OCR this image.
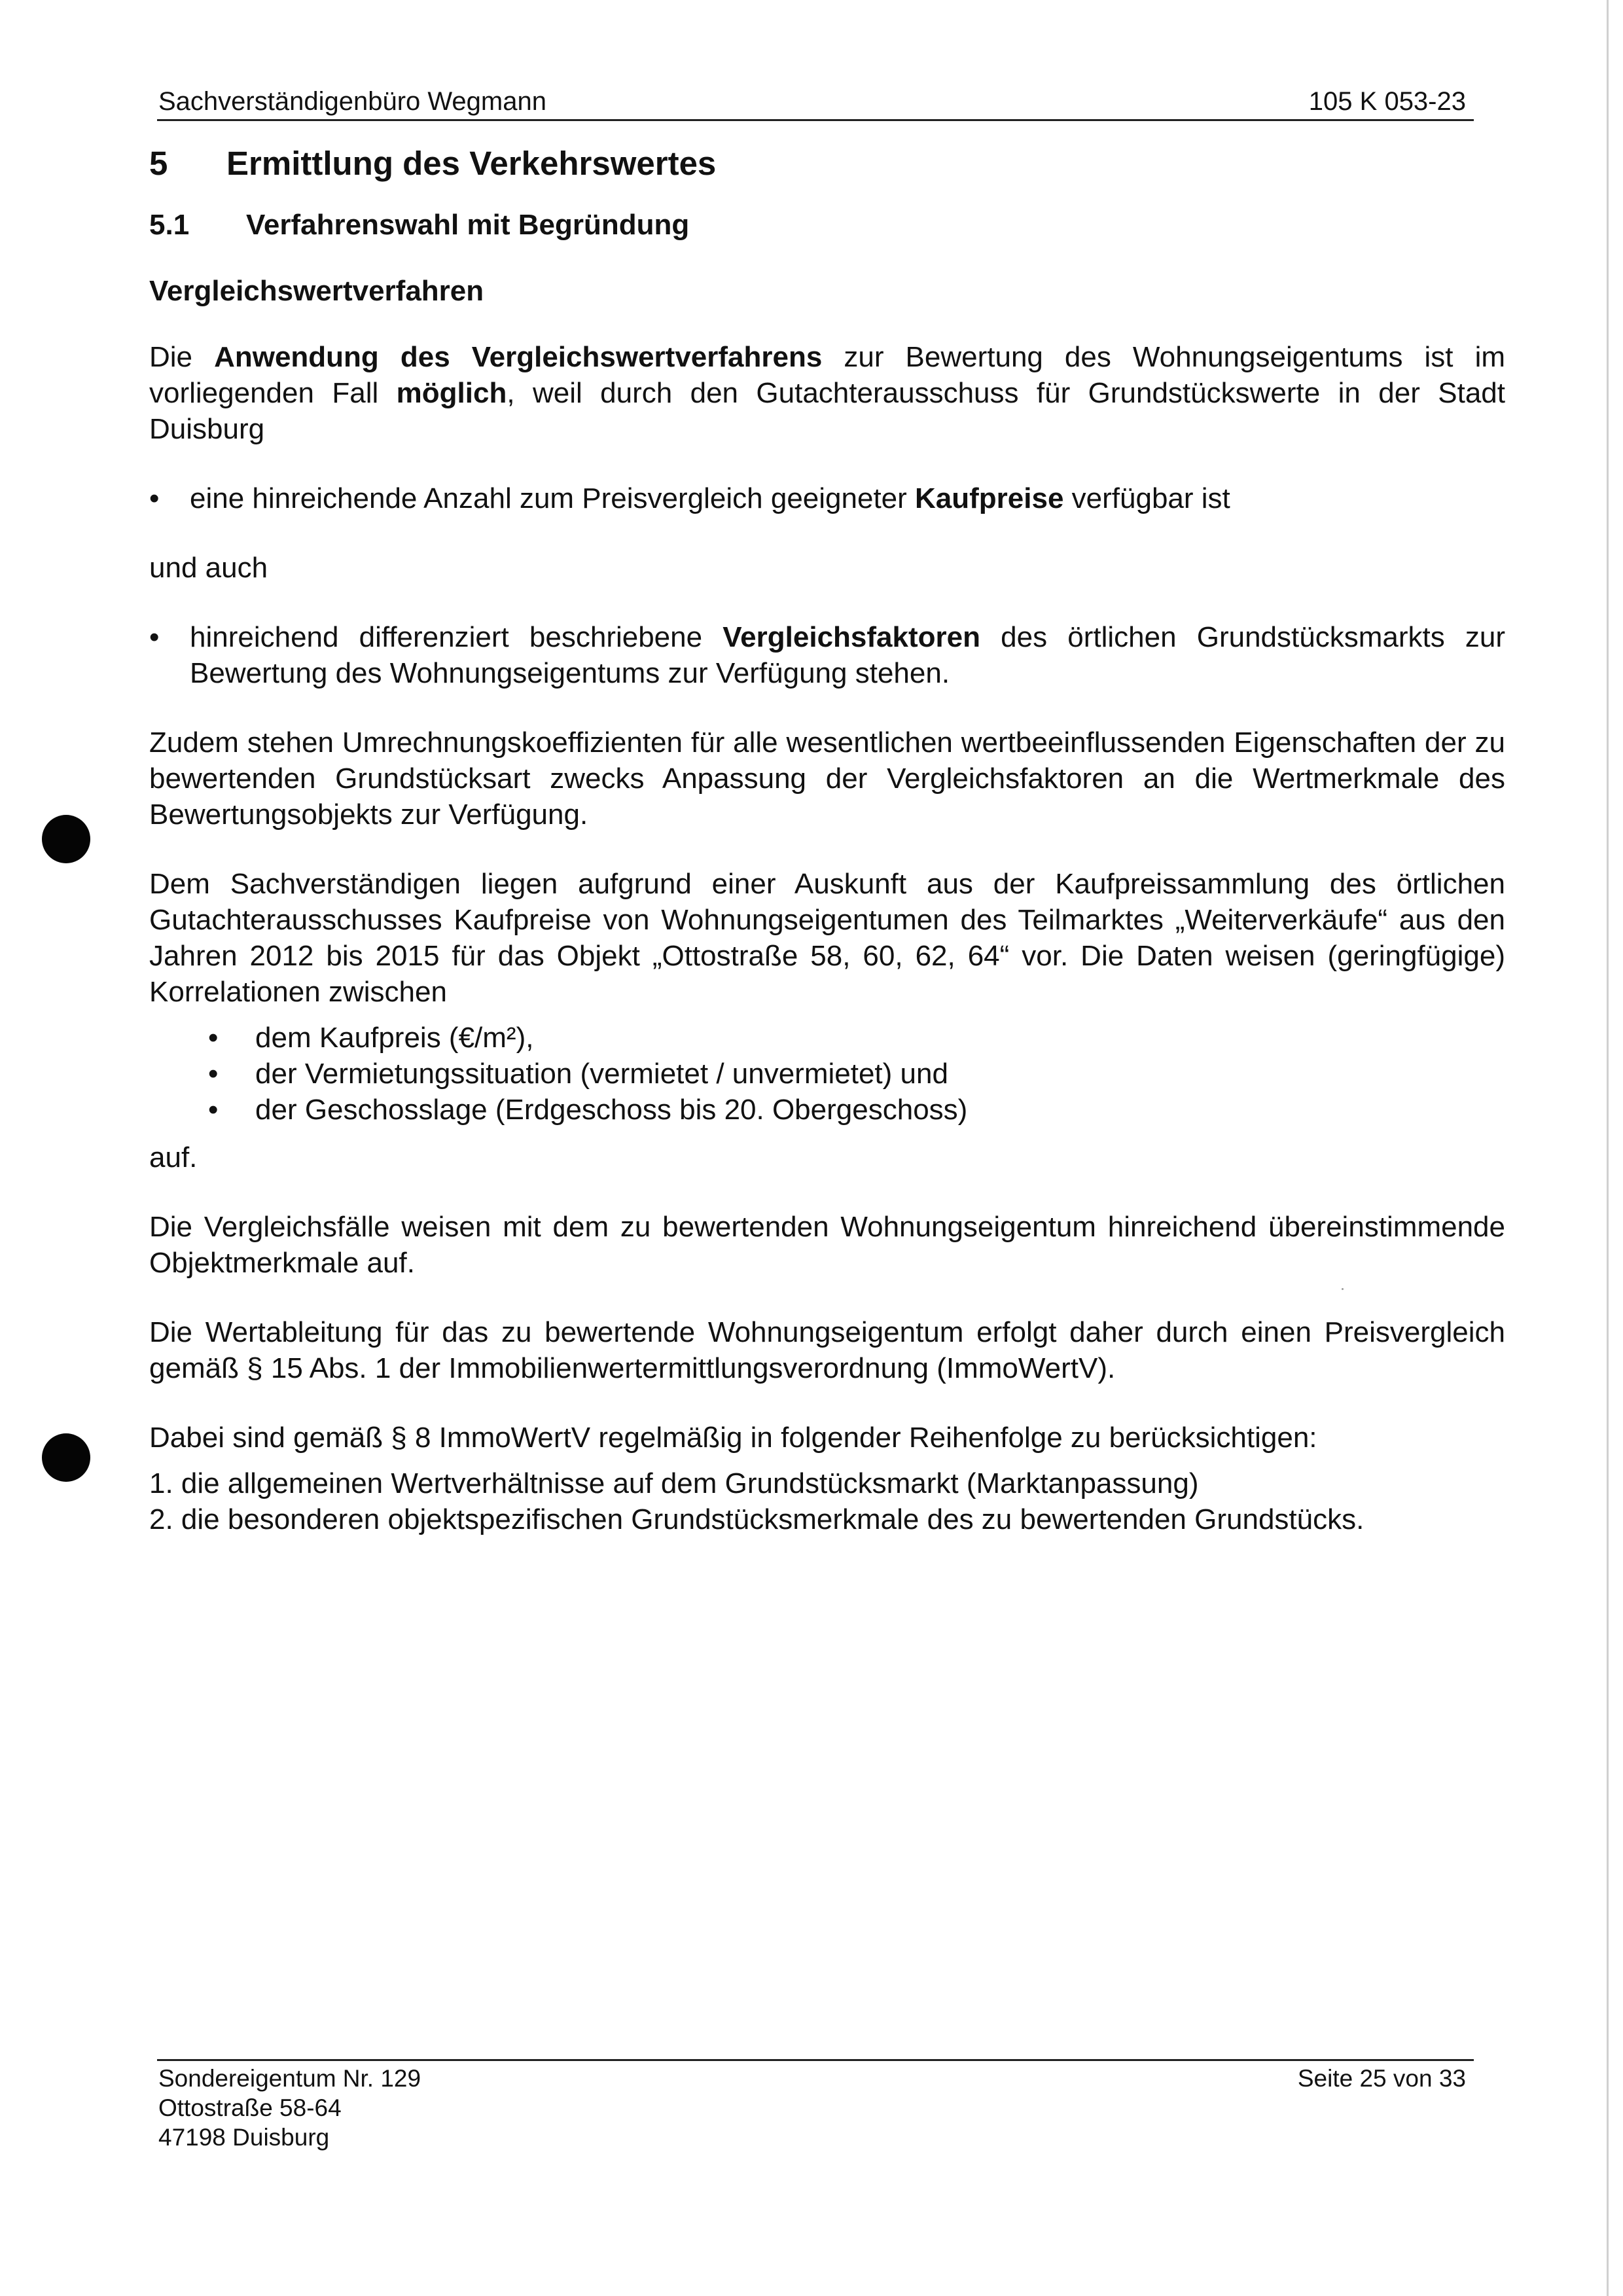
Sachverständigenbüro Wegmann	105 K 053-23
5 Ermittlung des Verkehrswertes
5.1 Verfahrenswahl mit Begründung
Vergleichswertverfahren

Die Anwendung des Vergleichswertverfahrens zur Bewertung des Wohnungseigentums ist im vorliegenden Fall möglich, weil durch den Gutachterausschuss für Grundstückswerte in der Stadt Duisburg

•	eine hinreichende Anzahl zum Preisvergleich geeigneter Kaufpreise verfügbar ist

und auch

•	hinreichend differenziert beschriebene Vergleichsfaktoren des örtlichen Grundstücksmarkts zur Bewertung des Wohnungseigentums zur Verfügung stehen.

Zudem stehen Umrechnungskoeffizienten für alle wesentlichen wertbeeinflussenden Eigenschaften der zu bewertenden Grundstücksart zwecks Anpassung der Vergleichsfaktoren an die Wertmerkmale des Bewertungsobjekts zur Verfügung.

Dem Sachverständigen liegen aufgrund einer Auskunft aus der Kaufpreissammlung des örtlichen Gutachterausschusses Kaufpreise von Wohnungseigentumen des Teilmarktes „Weiterverkäufe“ aus den Jahren 2012 bis 2015 für das Objekt „Ottostraße 58, 60, 62, 64“ vor. Die Daten weisen (geringfügige) Korrelationen zwischen

• dem Kaufpreis (€/m²),
• der Vermietungssituation (vermietet / unvermietet) und
• der Geschosslage (Erdgeschoss bis 20. Obergeschoss)

auf.

Die Vergleichsfälle weisen mit dem zu bewertenden Wohnungseigentum hinreichend übereinstimmende Objektmerkmale auf.

Die Wertableitung für das zu bewertende Wohnungseigentum erfolgt daher durch einen Preisvergleich gemäß § 15 Abs. 1 der Immobilienwertermittlungsverordnung (ImmoWertV).

Dabei sind gemäß § 8 ImmoWertV regelmäßig in folgender Reihenfolge zu berücksichtigen:

1. die allgemeinen Wertverhältnisse auf dem Grundstücksmarkt (Marktanpassung)
2. die besonderen objektspezifischen Grundstücksmerkmale des zu bewertenden Grundstücks.
Sondereigentum Nr. 129
Ottostraße 58-64
47198 Duisburg
Seite 25 von 33
